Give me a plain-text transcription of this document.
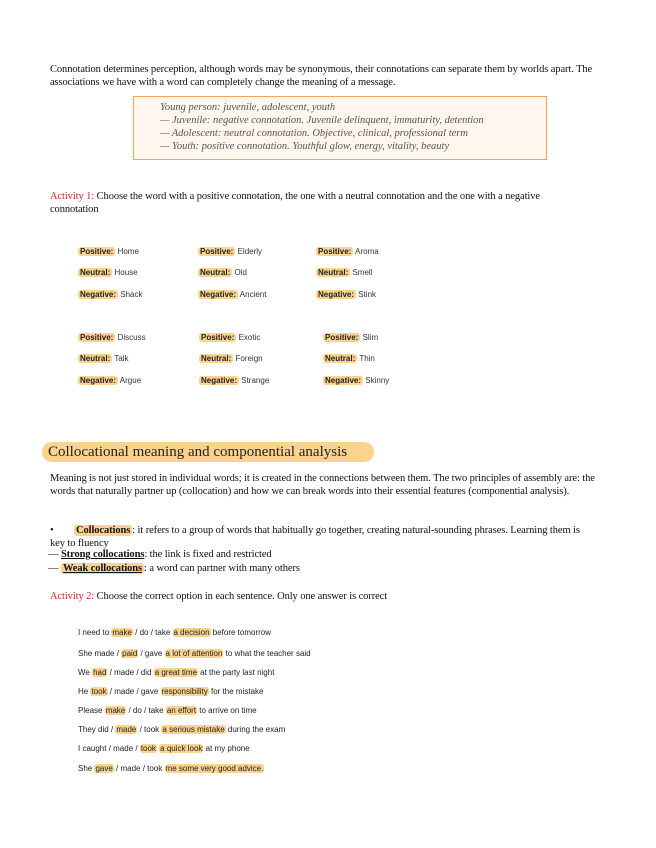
Connotation determines perception, although words may be synonymous, their connotations can separate them by worlds apart. The associations we have with a word can completely change the meaning of a message.
Young person: juvenile, adolescent, youth
— Juvenile: negative connotation. Juvenile delinquent, immaturity, detention
— Adolescent: neutral connotation. Objective, clinical, professional term
— Youth: positive connotation. Youthful glow, energy, vitality, beauty
Activity 1: Choose the word with a positive connotation, the one with a neutral connotation and the one with a negative connotation
Positive: Home
Neutral: House
Negative: Shack
Positive: Elderly
Neutral: Old
Negative: Ancient
Positive: Aroma
Neutral: Smell
Negative: Stink
Positive: Discuss
Neutral: Talk
Negative: Argue
Positive: Exotic
Neutral: Foreign
Negative: Strange
Positive: Slim
Neutral: Thin
Negative: Skinny
Collocational meaning and componential analysis
Meaning is not just stored in individual words; it is created in the connections between them. The two principles of assembly are: the words that naturally partner up (collocation) and how we can break words into their essential features (componential analysis).
• Collocations : it refers to a group of words that habitually go together, creating natural-sounding phrases. Learning them is key to fluency
— Strong collocations: the link is fixed and restricted
— Weak collocations : a word can partner with many others
Activity 2: Choose the correct option in each sentence. Only one answer is correct
I need to make / do / take a decision before tomorrow
She made / paid / gave a lot of attention to what the teacher said
We had / made / did a great time at the party last night
He took / made / gave responsibility for the mistake
Please make / do / take an effort to arrive on time
They did / made / took a serious mistake during the exam
I caught / made / took a quick look at my phone
She gave / made / took me some very good advice.
